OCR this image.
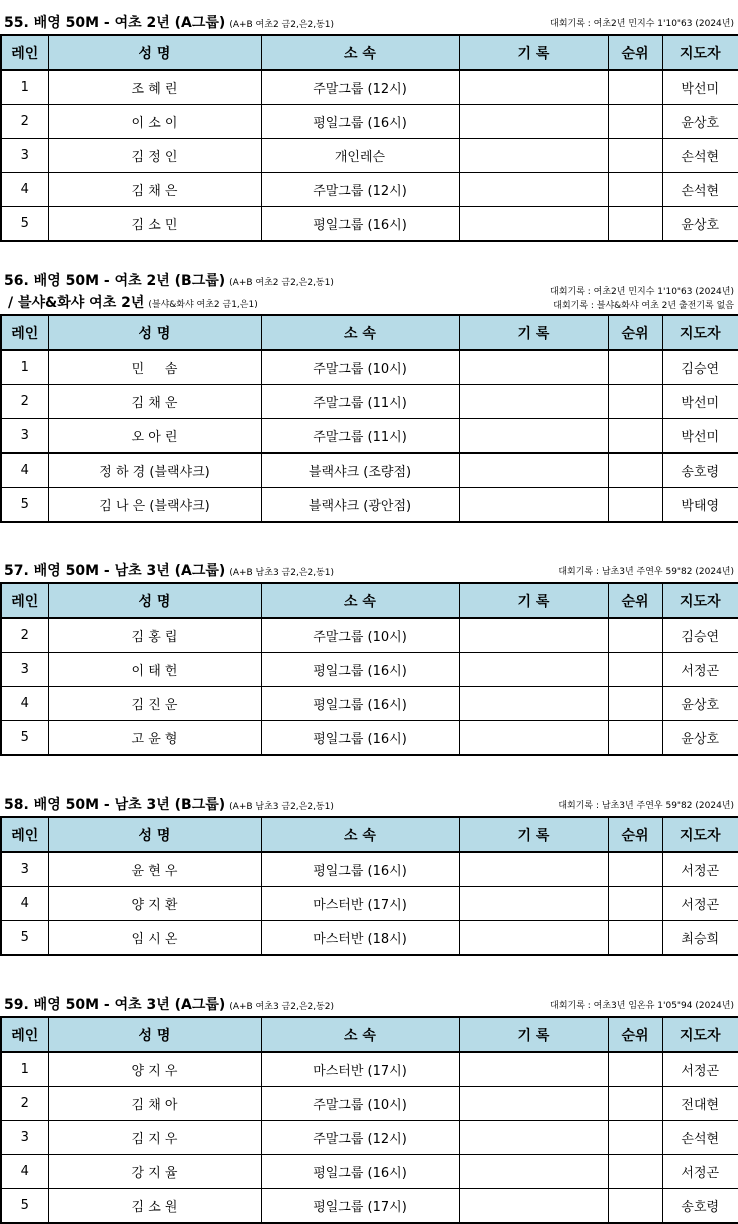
55. 배영 50M - 여초 2년 (A그룹) (A+B 여초2 금2,은2,동1)	대회기록 : 여초2년 민지수 1'10"63 (2024년)
레인	성 명	소 속	기 록	순위	지도자
1	조 혜 린	주말그룹 (12시)			박선미
2	이 소 이	평일그룹 (16시)			윤상호
3	김 정 인	개인레슨			손석현
4	김 채 은	주말그룹 (12시)			손석현
5	김 소 민	평일그룹 (16시)			윤상호
56. 배영 50M - 여초 2년 (B그룹) (A+B 여초2 금2,은2,동1)
/ 블샤&화샤 여초 2년 (블샤&화샤 여초2 금1,은1)
대회기록 : 여초2년 민지수 1'10"63 (2024년)
대회기록 : 블샤&화샤 여초 2년 출전기록 없음
레인	성 명	소 속	기 록	순위	지도자
1	민     솜	주말그룹 (10시)			김승연
2	김 채 운	주말그룹 (11시)			박선미
3	오 아 린	주말그룹 (11시)			박선미
4	정 하 경 (블랙샤크)	블랙샤크 (조량점)			송호령
5	김 나 은 (블랙샤크)	블랙샤크 (광안점)			박태영
57. 배영 50M - 남초 3년 (A그룹) (A+B 남초3 금2,은2,동1)	대회기록 : 남초3년 주연우 59"82 (2024년)
레인	성 명	소 속	기 록	순위	지도자
2	김 홍 립	주말그룹 (10시)			김승연
3	이 태 헌	평일그룹 (16시)			서정곤
4	김 진 운	평일그룹 (16시)			윤상호
5	고 윤 형	평일그룹 (16시)			윤상호
58. 배영 50M - 남초 3년 (B그룹) (A+B 남초3 금2,은2,동1)	대회기록 : 남초3년 주연우 59"82 (2024년)
레인	성 명	소 속	기 록	순위	지도자
3	윤 현 우	평일그룹 (16시)			서정곤
4	양 지 환	마스터반 (17시)			서정곤
5	임 시 온	마스터반 (18시)			최승희
59. 배영 50M - 여초 3년 (A그룹) (A+B 여초3 금2,은2,동2)	대회기록 : 여초3년 임온유 1'05"94 (2024년)
레인	성 명	소 속	기 록	순위	지도자
1	양 지 우	마스터반 (17시)			서정곤
2	김 채 아	주말그룹 (10시)			전대현
3	김 지 우	주말그룹 (12시)			손석현
4	강 지 율	평일그룹 (16시)			서정곤
5	김 소 원	평일그룹 (17시)			송호령
